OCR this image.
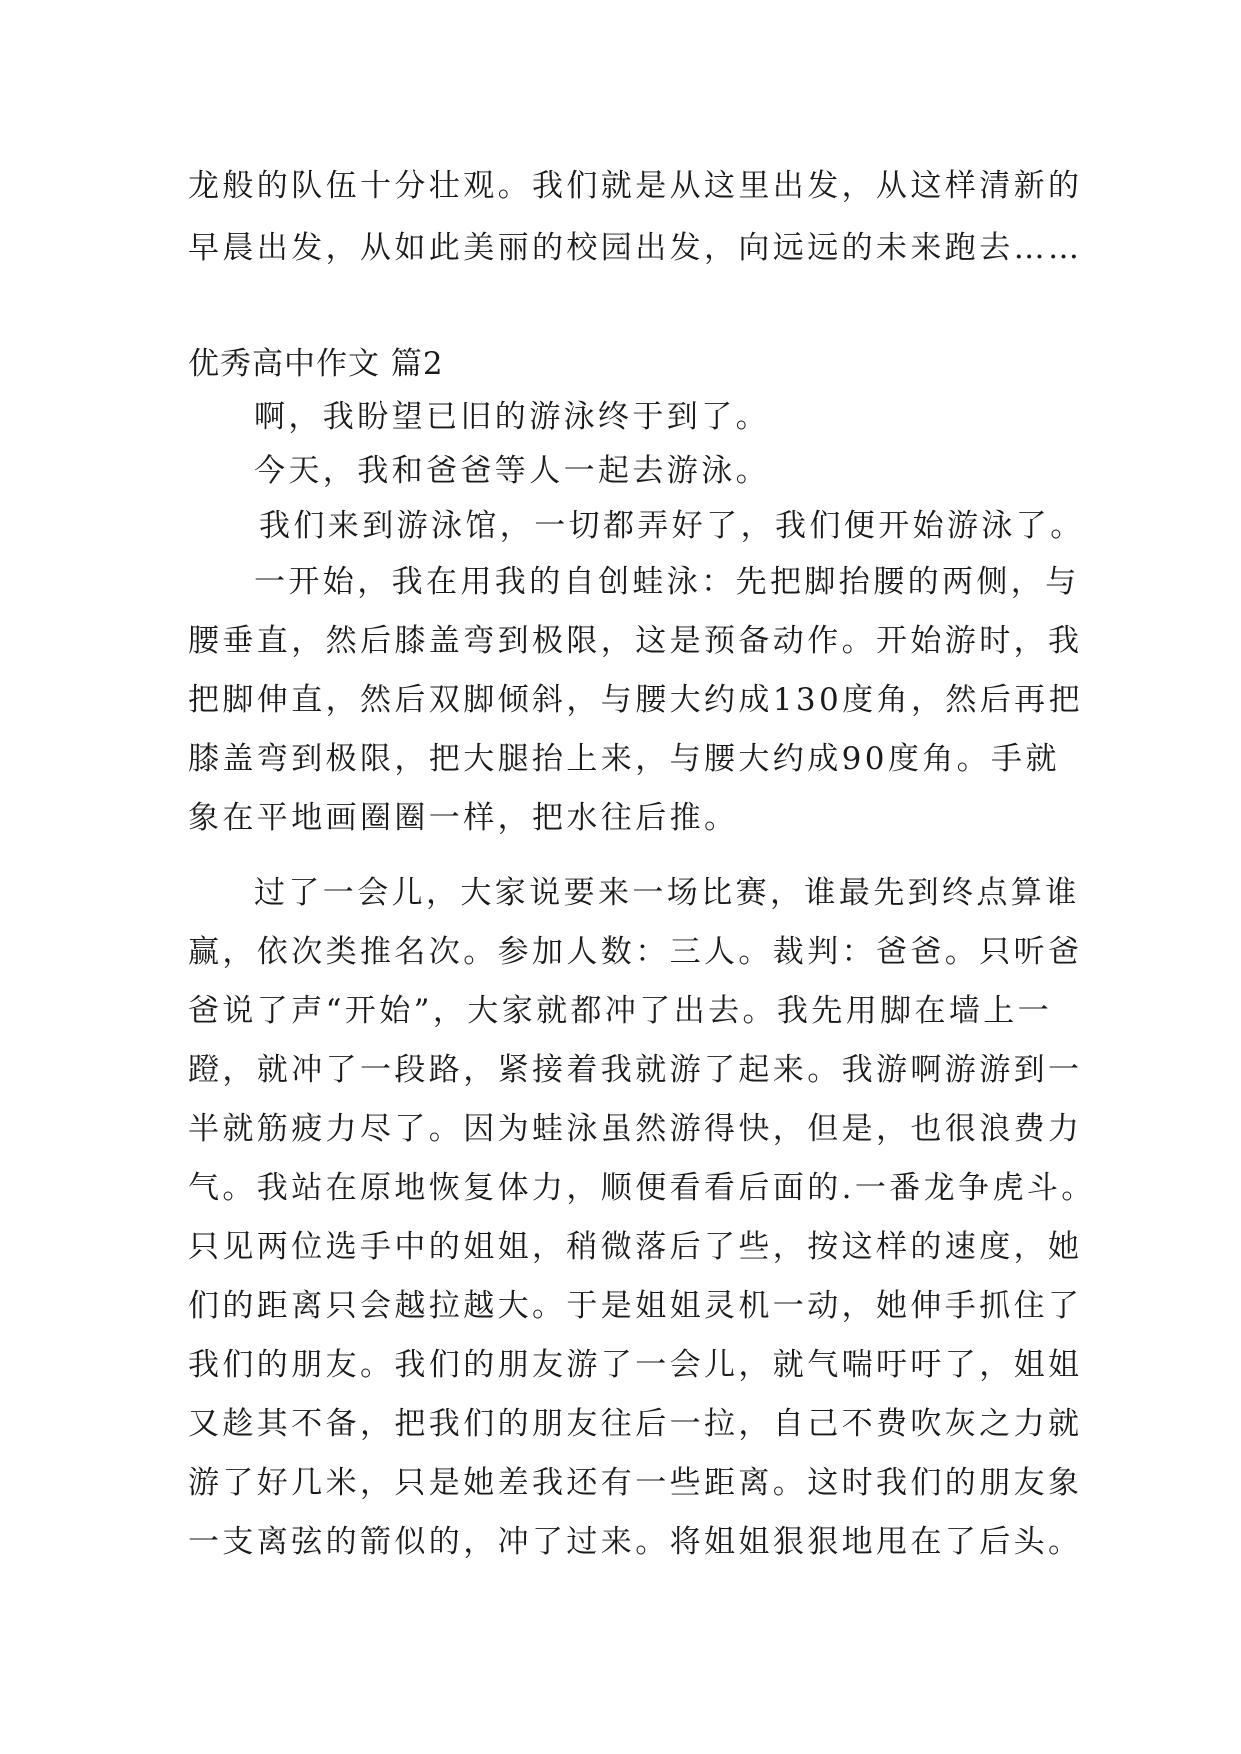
龙般的队伍十分壮观。我们就是从这里出发，从这样清新的
早晨出发，从如此美丽的校园出发，向远远的未来跑去……
优秀高中作文 篇2
啊，我盼望已旧的游泳终于到了。
今天，我和爸爸等人一起去游泳。
我们来到游泳馆，一切都弄好了，我们便开始游泳了。
一开始，我在用我的自创蛙泳：先把脚抬腰的两侧，与
腰垂直，然后膝盖弯到极限，这是预备动作。开始游时，我
把脚伸直，然后双脚倾斜，与腰大约成130度角，然后再把
膝盖弯到极限，把大腿抬上来，与腰大约成90度角。手就
象在平地画圈圈一样，把水往后推。
过了一会儿，大家说要来一场比赛，谁最先到终点算谁
赢，依次类推名次。参加人数：三人。裁判：爸爸。只听爸
爸说了声“开始”，大家就都冲了出去。我先用脚在墙上一
蹬，就冲了一段路，紧接着我就游了起来。我游啊游游到一
半就筋疲力尽了。因为蛙泳虽然游得快，但是，也很浪费力
气。我站在原地恢复体力，顺便看看后面的.一番龙争虎斗。
只见两位选手中的姐姐，稍微落后了些，按这样的速度，她
们的距离只会越拉越大。于是姐姐灵机一动，她伸手抓住了
我们的朋友。我们的朋友游了一会儿，就气喘吁吁了，姐姐
又趁其不备，把我们的朋友往后一拉，自己不费吹灰之力就
游了好几米，只是她差我还有一些距离。这时我们的朋友象
一支离弦的箭似的，冲了过来。将姐姐狠狠地甩在了后头。
